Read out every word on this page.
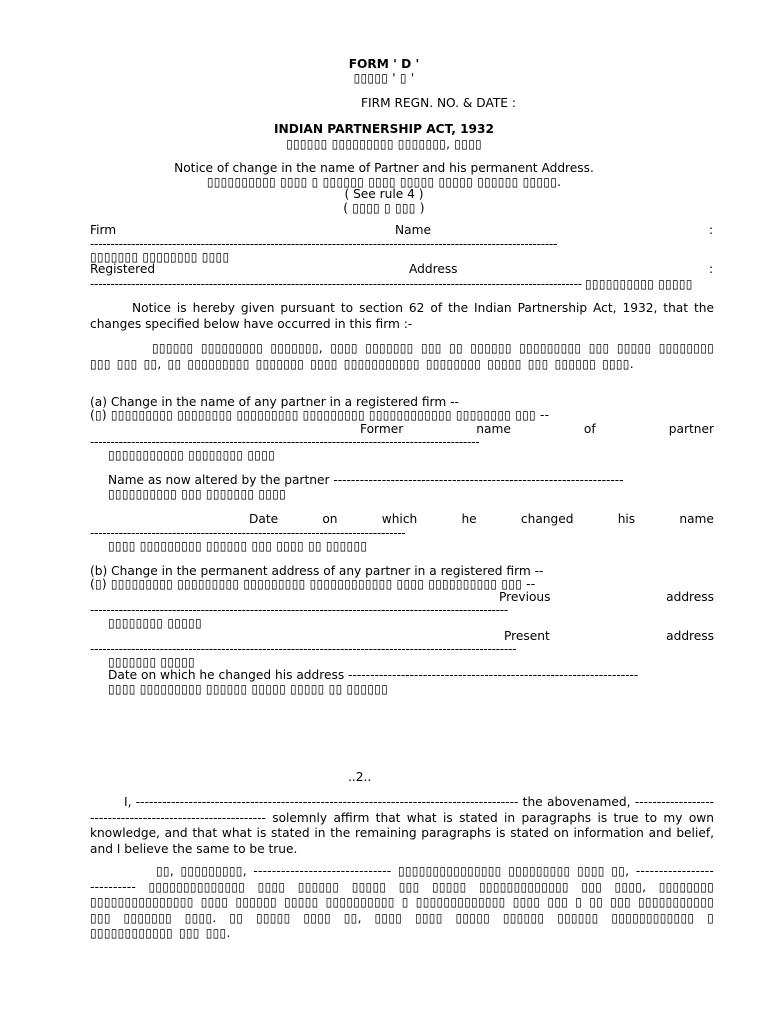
FORM ' D '
▯▯▯▯▯ ' ▯ '
FIRM REGN. NO. & DATE :
INDIAN PARTNERSHIP ACT, 1932
▯▯▯▯▯▯ ▯▯▯▯▯▯▯▯▯ ▯▯▯▯▯▯▯, ▯▯▯▯
Notice of change in the name of Partner and his permanent Address.
▯▯▯▯▯▯▯▯▯▯ ▯▯▯▯ ▯ ▯▯▯▯▯▯ ▯▯▯▯ ▯▯▯▯▯ ▯▯▯▯▯ ▯▯▯▯▯▯ ▯▯▯▯▯.
( See rule 4 )
( ▯▯▯▯ ▯ ▯▯▯ )
Firm	Name	:
------------------------------------------------------------------------------------------------------------------
▯▯▯▯▯▯▯ ▯▯▯▯▯▯▯▯ ▯▯▯▯
Registered	Address	:
------------------------------------------------------------------------------------------------------------------------ ▯▯▯▯▯▯▯▯▯▯ ▯▯▯▯▯
Notice is hereby given pursuant to section 62 of the Indian Partnership Act, 1932, that the changes specified below have occurred in this firm :-
▯▯▯▯▯▯ ▯▯▯▯▯▯▯▯▯ ▯▯▯▯▯▯▯, ▯▯▯▯ ▯▯▯▯▯▯▯ ▯▯▯ ▯▯ ▯▯▯▯▯▯ ▯▯▯▯▯▯▯▯▯ ▯▯▯ ▯▯▯▯▯ ▯▯▯▯▯▯▯▯ ▯▯▯ ▯▯▯ ▯▯, ▯▯ ▯▯▯▯▯▯▯▯▯ ▯▯▯▯▯▯▯ ▯▯▯▯ ▯▯▯▯▯▯▯▯▯▯▯ ▯▯▯▯▯▯▯▯ ▯▯▯▯▯ ▯▯▯ ▯▯▯▯▯▯ ▯▯▯▯.
(a) Change in the name of any partner in a registered firm --
(▯) ▯▯▯▯▯▯▯▯▯ ▯▯▯▯▯▯▯▯ ▯▯▯▯▯▯▯▯▯ ▯▯▯▯▯▯▯▯▯ ▯▯▯▯▯▯▯▯▯▯▯▯ ▯▯▯▯▯▯▯▯ ▯▯▯ --
Former	name	of	partner
-----------------------------------------------------------------------------------------------
▯▯▯▯▯▯▯▯▯▯▯ ▯▯▯▯▯▯▯▯ ▯▯▯▯
Name as now altered by the partner ------------------------------------------------------------------
▯▯▯▯▯▯▯▯▯▯ ▯▯▯ ▯▯▯▯▯▯▯ ▯▯▯▯
Date	on	which	he	changed	his	name
-----------------------------------------------------------------------------
▯▯▯▯ ▯▯▯▯▯▯▯▯▯ ▯▯▯▯▯▯ ▯▯▯ ▯▯▯▯ ▯▯ ▯▯▯▯▯▯
(b) Change in the permanent address of any partner in a registered firm --
(▯) ▯▯▯▯▯▯▯▯▯ ▯▯▯▯▯▯▯▯▯ ▯▯▯▯▯▯▯▯▯ ▯▯▯▯▯▯▯▯▯▯▯▯ ▯▯▯▯ ▯▯▯▯▯▯▯▯▯▯ ▯▯▯ --
Previous	address
------------------------------------------------------------------------------------------------------
▯▯▯▯▯▯▯▯ ▯▯▯▯▯
Present	address
--------------------------------------------------------------------------------------------------------
▯▯▯▯▯▯▯ ▯▯▯▯▯
Date on which he changed his address ------------------------------------------------------------------
▯▯▯▯ ▯▯▯▯▯▯▯▯▯ ▯▯▯▯▯▯ ▯▯▯▯▯ ▯▯▯▯▯ ▯▯ ▯▯▯▯▯▯
..2..
I, --------------------------------------------------------------------------------------- the abovenamed, ---------------------------------------------------------- solemnly affirm that what is stated in paragraphs is true to my own knowledge, and that what is stated in the remaining paragraphs is stated on information and belief, and I believe the same to be true.
▯▯, ▯▯▯▯▯▯▯▯▯, ------------------------------ ▯▯▯▯▯▯▯▯▯▯▯▯▯▯▯ ▯▯▯▯▯▯▯▯▯ ▯▯▯▯ ▯▯, --------------------------- ▯▯▯▯▯▯▯▯▯▯▯▯▯▯ ▯▯▯▯ ▯▯▯▯▯▯ ▯▯▯▯▯ ▯▯▯ ▯▯▯▯▯ ▯▯▯▯▯▯▯▯▯▯▯▯▯ ▯▯▯ ▯▯▯▯, ▯▯▯▯▯▯▯▯ ▯▯▯▯▯▯▯▯▯▯▯▯▯▯▯ ▯▯▯▯ ▯▯▯▯▯▯ ▯▯▯▯▯ ▯▯▯▯▯▯▯▯▯▯ ▯ ▯▯▯▯▯▯▯▯▯▯▯▯▯ ▯▯▯▯ ▯▯▯ ▯ ▯▯ ▯▯▯ ▯▯▯▯▯▯▯▯▯▯▯ ▯▯▯ ▯▯▯▯▯▯▯ ▯▯▯▯. ▯▯ ▯▯▯▯▯ ▯▯▯▯ ▯▯, ▯▯▯▯ ▯▯▯▯ ▯▯▯▯▯ ▯▯▯▯▯▯ ▯▯▯▯▯▯ ▯▯▯▯▯▯▯▯▯▯▯▯ ▯ ▯▯▯▯▯▯▯▯▯▯▯▯ ▯▯▯ ▯▯▯.
